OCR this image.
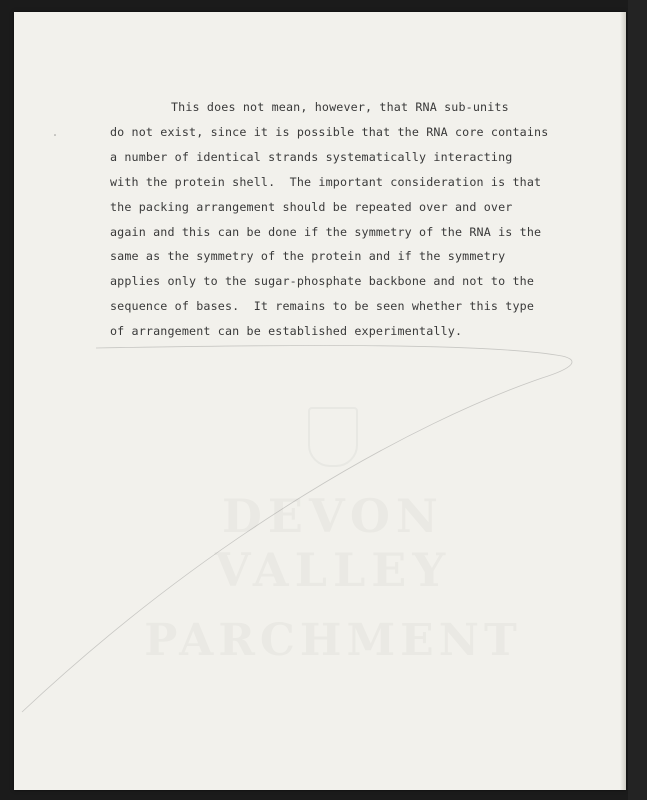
DEVON VALLEY
PARCHMENT
This does not mean, however, that RNA sub-units
do not exist, since it is possible that the RNA core contains
a number of identical strands systematically interacting
with the protein shell.  The important consideration is that
the packing arrangement should be repeated over and over
again and this can be done if the symmetry of the RNA is the
same as the symmetry of the protein and if the symmetry
applies only to the sugar-phosphate backbone and not to the
sequence of bases.  It remains to be seen whether this type
of arrangement can be established experimentally.
